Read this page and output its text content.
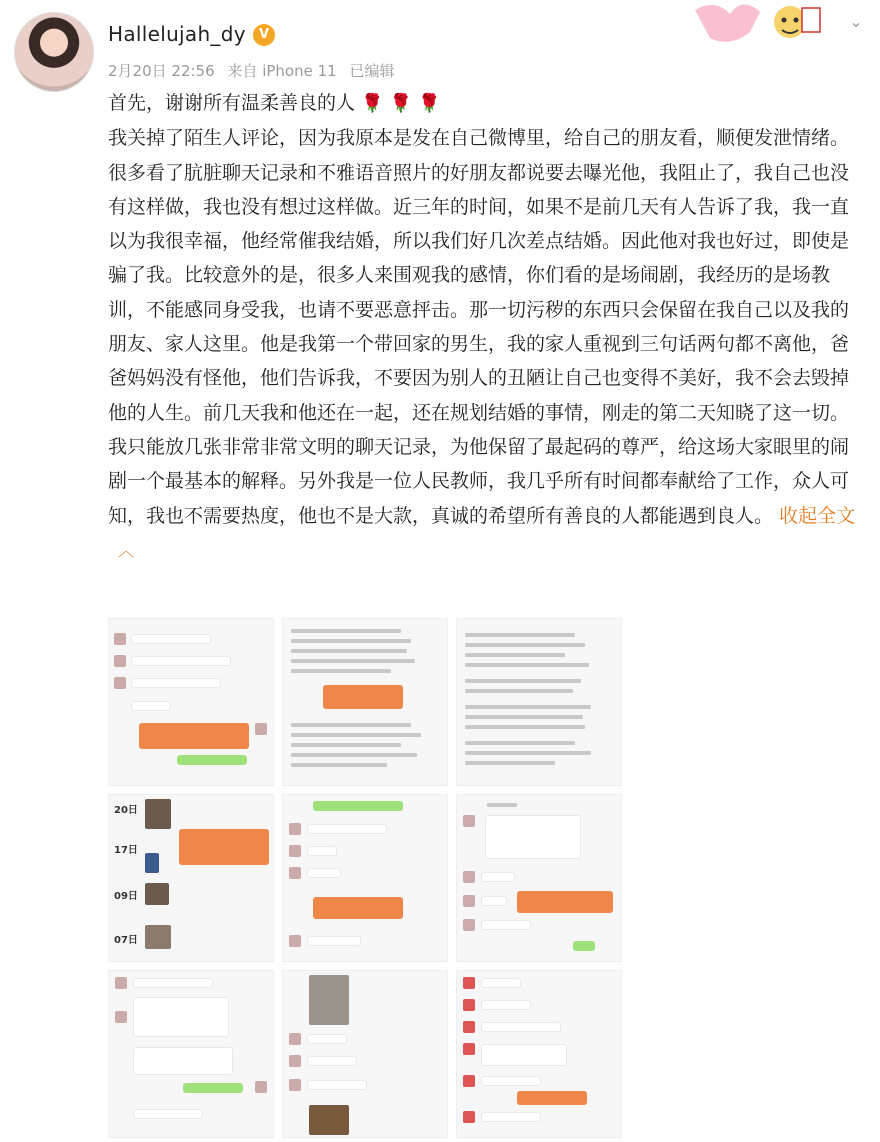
Hallelujah_dy	V
⌄
2月20日 22:56 来自 iPhone 11 已编辑

首先，谢谢所有温柔善良的人 🌹 🌹 🌹

我关掉了陌生人评论，因为我原本是发在自己微博里，给自己的朋友看，顺便发泄情绪。很多看了肮脏聊天记录和不雅语音照片的好朋友都说要去曝光他，我阻止了，我自己也没有这样做，我也没有想过这样做。近三年的时间，如果不是前几天有人告诉了我，我一直以为我很幸福，他经常催我结婚，所以我们好几次差点结婚。因此他对我也好过，即使是骗了我。比较意外的是，很多人来围观我的感情，你们看的是场闹剧，我经历的是场教训，不能感同身受我，也请不要恶意抨击。那一切污秽的东西只会保留在我自己以及我的朋友、家人这里。他是我第一个带回家的男生，我的家人重视到三句话两句都不离他，爸爸妈妈没有怪他，他们告诉我，不要因为别人的丑陋让自己也变得不美好，我不会去毁掉他的人生。前几天我和他还在一起，还在规划结婚的事情，刚走的第二天知晓了这一切。我只能放几张非常非常文明的聊天记录，为他保留了最起码的尊严，给这场大家眼里的闹剧一个最基本的解释。另外我是一位人民教师，我几乎所有时间都奉献给了工作，众人可知，我也不需要热度，他也不是大款，真诚的希望所有善良的人都能遇到良人。 收起全文︿

20日
17日
09日
07日
